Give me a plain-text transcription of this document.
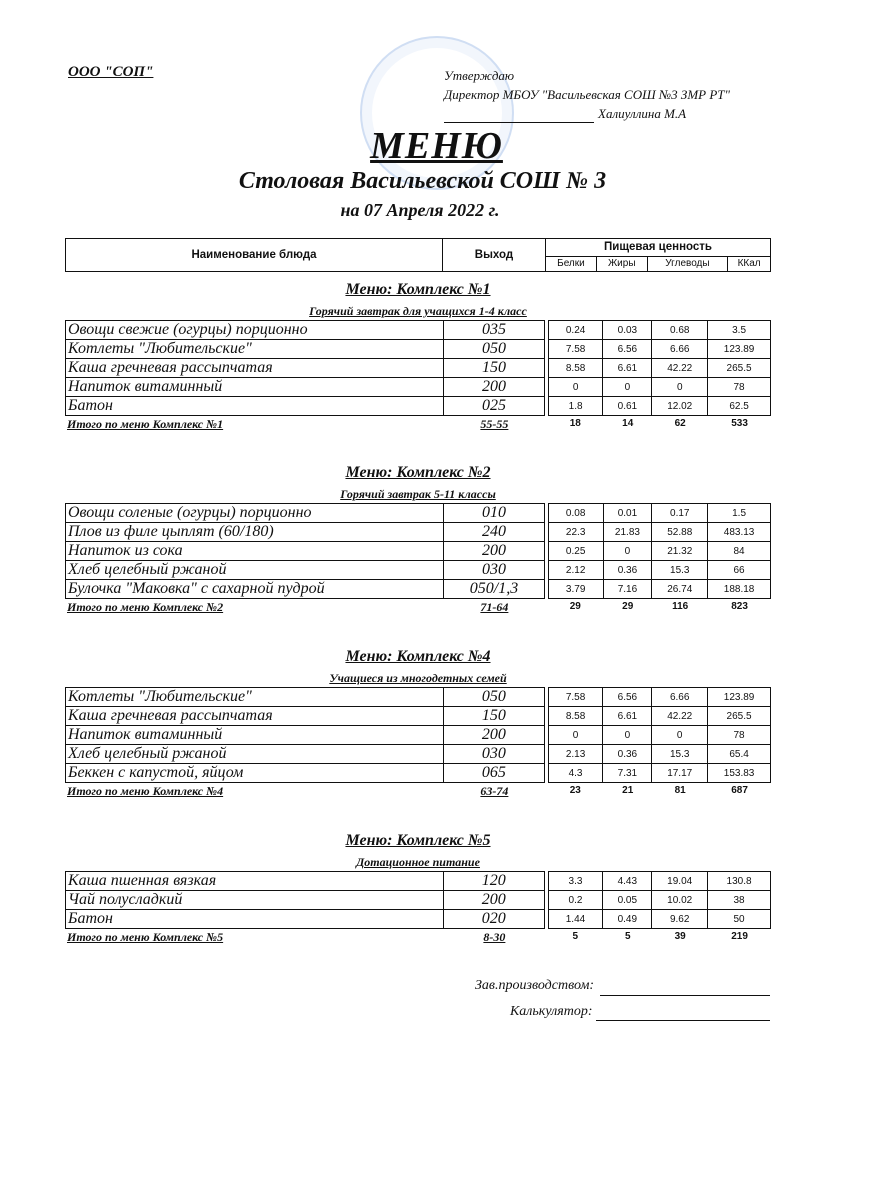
ООО "СОП"	Утверждаю
Директор МБОУ "Васильевская СОШ №3 ЗМР РТ"
Халиуллина М.А
МЕНЮ
Столовая Васильевской СОШ № 3
на 07 Апреля 2022 г.
Наименование блюда	Выход	Пищевая ценность			
		Белки	Жиры	Углеводы	ККал
Меню: Комплекс №1
Горячий завтрак для учащихся 1-4 класс
Овощи свежие (огурцы) порционно	035		0.24	0.03	0.68	3.5
Котлеты "Любительские"	050		7.58	6.56	6.66	123.89
Каша гречневая рассыпчатая	150		8.58	6.61	42.22	265.5
Напиток витаминный	200		0	0	0	78
Батон	025		1.8	0.61	12.02	62.5
Итого по меню Комплекс №1	55-55	18	14	62	533
Меню: Комплекс №2
Горячий завтрак 5-11 классы
Овощи соленые (огурцы) порционно	010		0.08	0.01	0.17	1.5
Плов из филе цыплят (60/180)	240		22.3	21.83	52.88	483.13
Напиток из сока	200		0.25	0	21.32	84
Хлеб целебный ржаной	030		2.12	0.36	15.3	66
Булочка "Маковка" с сахарной пудрой	050/1,3		3.79	7.16	26.74	188.18
Итого по меню Комплекс №2	71-64	29	29	116	823
Меню: Комплекс №4
Учащиеся из многодетных семей
Котлеты "Любительские"	050		7.58	6.56	6.66	123.89
Каша гречневая рассыпчатая	150		8.58	6.61	42.22	265.5
Напиток витаминный	200		0	0	0	78
Хлеб целебный ржаной	030		2.13	0.36	15.3	65.4
Беккен с капустой, яйцом	065		4.3	7.31	17.17	153.83
Итого по меню Комплекс №4	63-74	23	21	81	687
Меню: Комплекс №5
Дотационное питание
Каша пшенная вязкая	120		3.3	4.43	19.04	130.8
Чай полусладкий	200		0.2	0.05	10.02	38
Батон	020		1.44	0.49	9.62	50
Итого по меню Комплекс №5	8-30	5	5	39	219
Зав.производством:
Калькулятор:
